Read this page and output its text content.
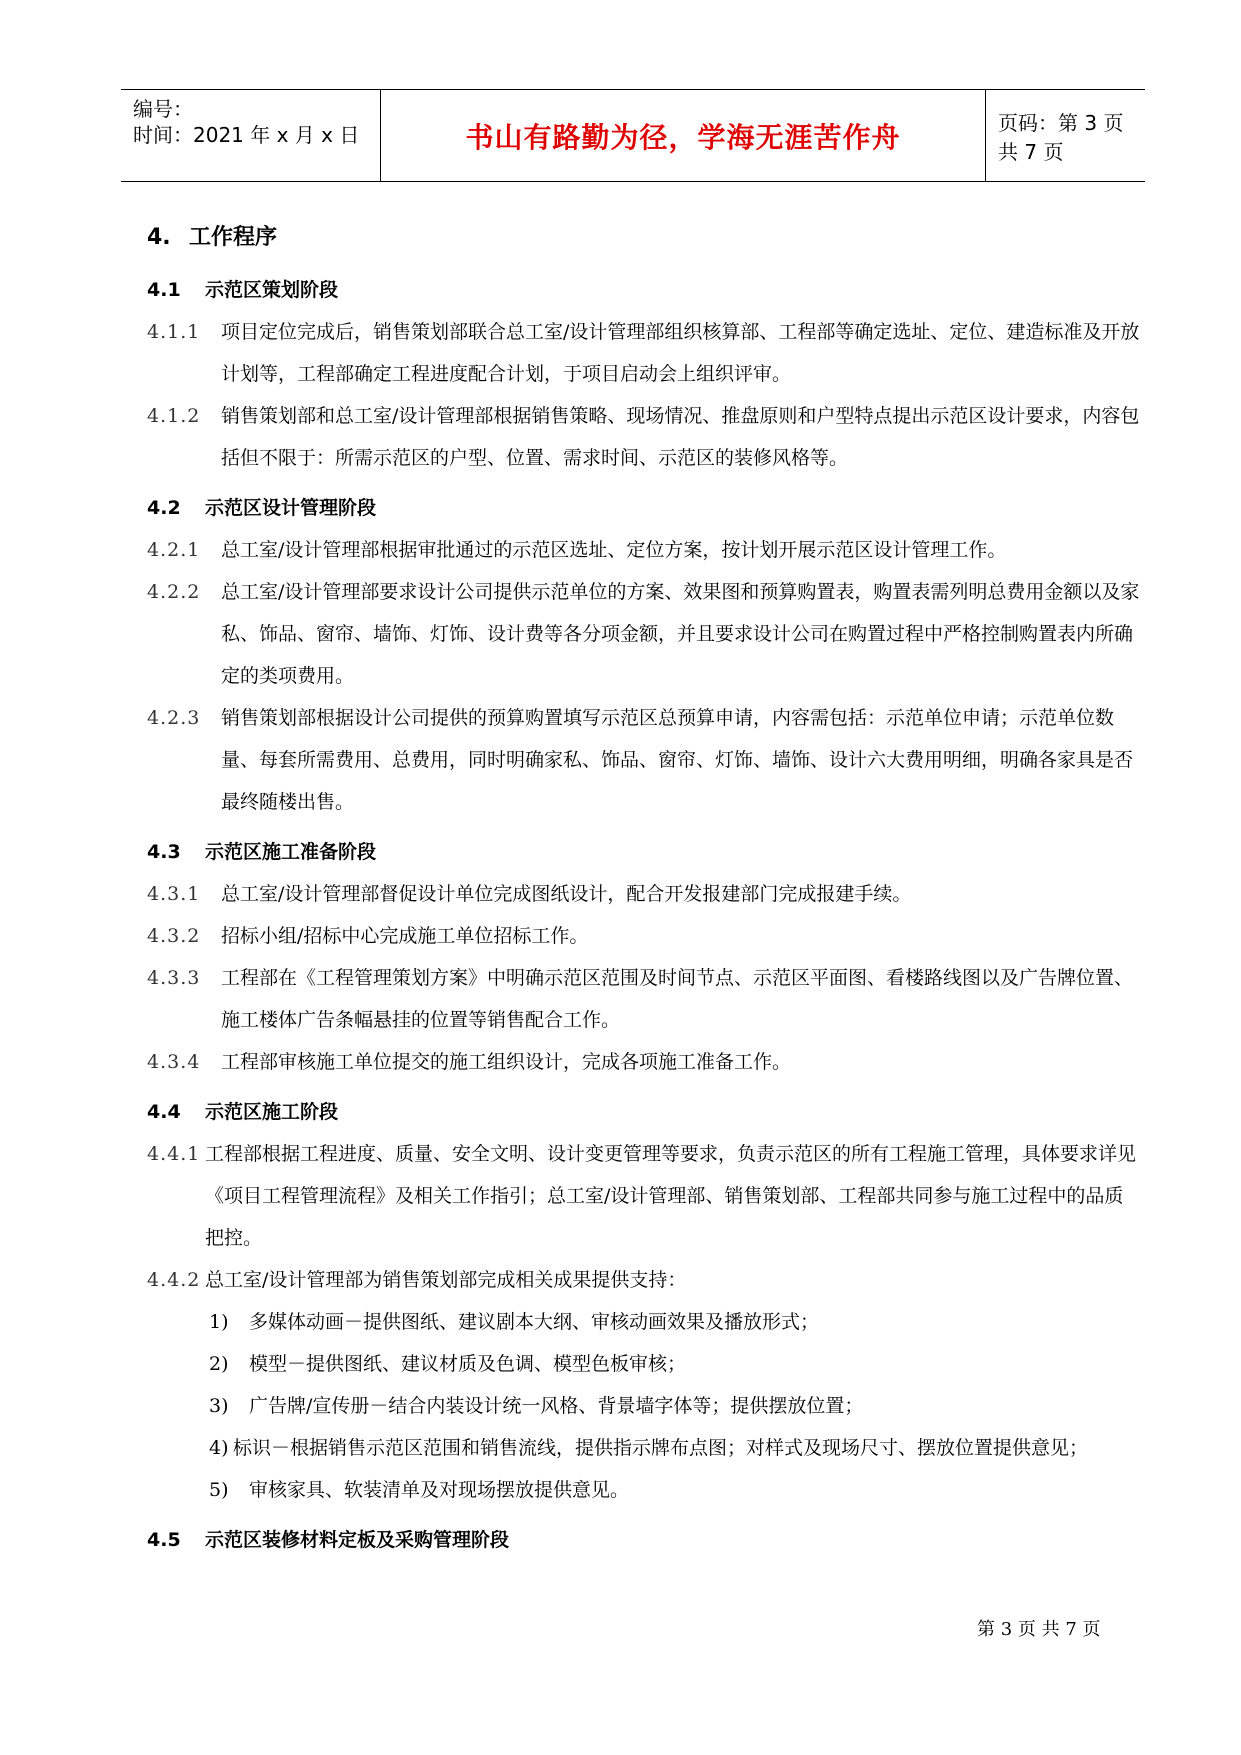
编号：
时间：2021 年 x 月 x 日	书山有路勤为径，学海无涯苦作舟	页码：第 3 页 共 7 页
4. 工作程序
4.1 示范区策划阶段

4.1.1 项目定位完成后，销售策划部联合总工室/设计管理部组织核算部、工程部等确定选址、定位、建造标准及开放计划等，工程部确定工程进度配合计划，于项目启动会上组织评审。

4.1.2 销售策划部和总工室/设计管理部根据销售策略、现场情况、推盘原则和户型特点提出示范区设计要求，内容包括但不限于：所需示范区的户型、位置、需求时间、示范区的装修风格等。

4.2 示范区设计管理阶段

4.2.1 总工室/设计管理部根据审批通过的示范区选址、定位方案，按计划开展示范区设计管理工作。

4.2.2 总工室/设计管理部要求设计公司提供示范单位的方案、效果图和预算购置表，购置表需列明总费用金额以及家私、饰品、窗帘、墙饰、灯饰、设计费等各分项金额，并且要求设计公司在购置过程中严格控制购置表内所确定的类项费用。

4.2.3 销售策划部根据设计公司提供的预算购置填写示范区总预算申请，内容需包括：示范单位申请；示范单位数量、每套所需费用、总费用，同时明确家私、饰品、窗帘、灯饰、墙饰、设计六大费用明细，明确各家具是否最终随楼出售。

4.3 示范区施工准备阶段

4.3.1 总工室/设计管理部督促设计单位完成图纸设计，配合开发报建部门完成报建手续。

4.3.2 招标小组/招标中心完成施工单位招标工作。

4.3.3 工程部在《工程管理策划方案》中明确示范区范围及时间节点、示范区平面图、看楼路线图以及广告牌位置、施工楼体广告条幅悬挂的位置等销售配合工作。

4.3.4 工程部审核施工单位提交的施工组织设计，完成各项施工准备工作。

4.4 示范区施工阶段

4.4.1 工程部根据工程进度、质量、安全文明、设计变更管理等要求，负责示范区的所有工程施工管理，具体要求详见《项目工程管理流程》及相关工作指引；总工室/设计管理部、销售策划部、工程部共同参与施工过程中的品质把控。

4.4.2 总工室/设计管理部为销售策划部完成相关成果提供支持：

1) 多媒体动画－提供图纸、建议剧本大纲、审核动画效果及播放形式；

2) 模型－提供图纸、建议材质及色调、模型色板审核；

3) 广告牌/宣传册－结合内装设计统一风格、背景墙字体等；提供摆放位置；

4) 标识－根据销售示范区范围和销售流线，提供指示牌布点图；对样式及现场尺寸、摆放位置提供意见；

5) 审核家具、软装清单及对现场摆放提供意见。

4.5 示范区装修材料定板及采购管理阶段
第 3 页 共 7 页
